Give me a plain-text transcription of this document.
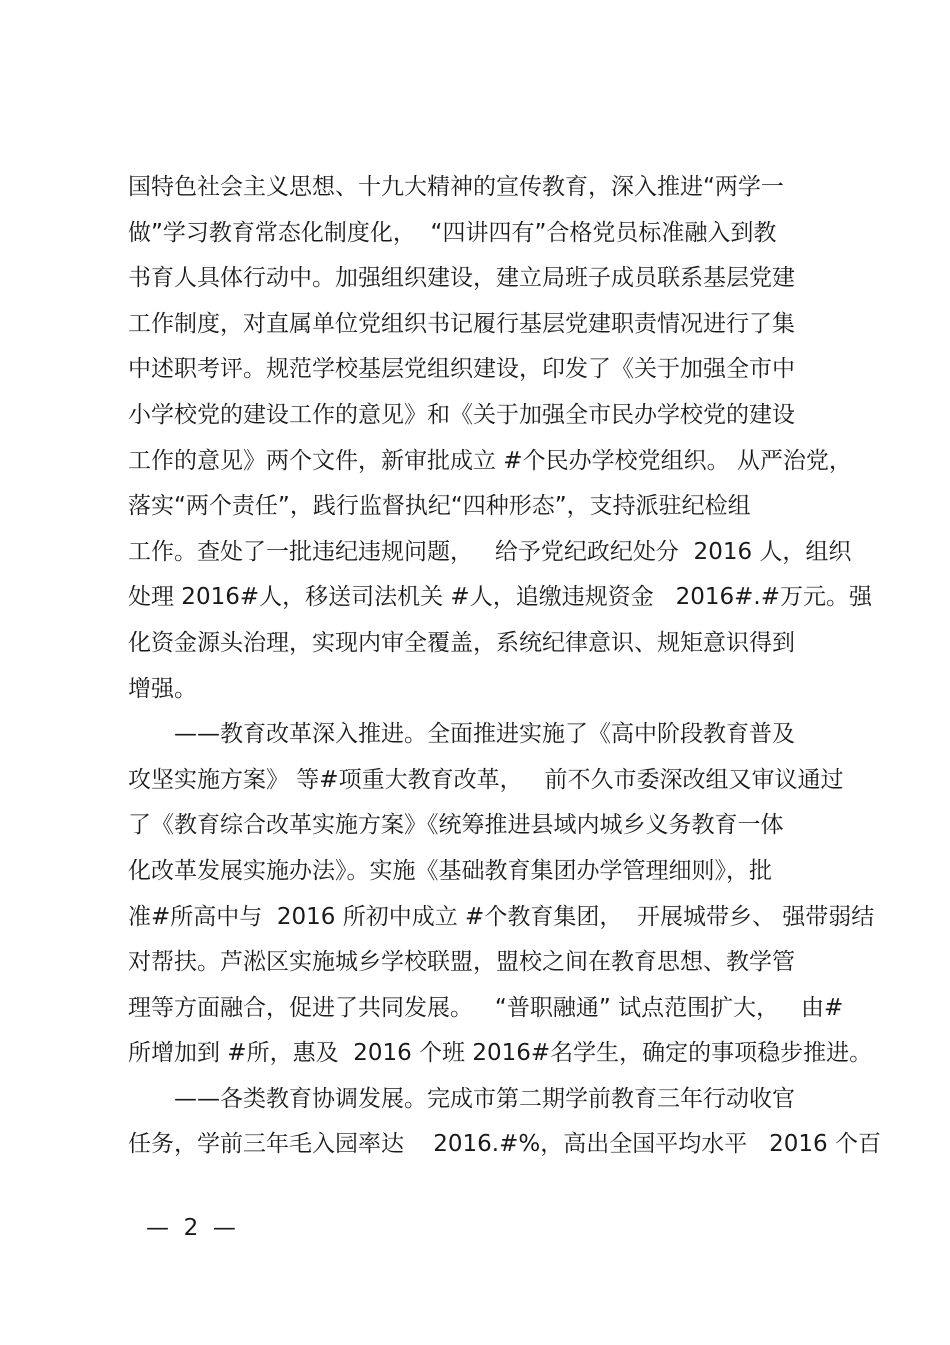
国特色社会主义思想、十九大精神的宣传教育，深入推进“两学一
做”学习教育常态化制度化，  “四讲四有”合格党员标准融入到教
书育人具体行动中。加强组织建设，建立局班子成员联系基层党建
工作制度，对直属单位党组织书记履行基层党建职责情况进行了集
中述职考评。规范学校基层党组织建设，印发了《关于加强全市中
小学校党的建设工作的意见》和《关于加强全市民办学校党的建设
工作的意见》两个文件，新审批成立 #个民办学校党组织。 从严治党，
落实“两个责任”，践行监督执纪“四种形态”，支持派驻纪检组
工作。查处了一批违纪违规问题，   给予党纪政纪处分  2016 人，组织
处理 2016#人，移送司法机关 #人，追缴违规资金   2016#.#万元。强
化资金源头治理，实现内审全覆盖，系统纪律意识、规矩意识得到
增强。
——教育改革深入推进。全面推进实施了《高中阶段教育普及
攻坚实施方案》 等#项重大教育改革，   前不久市委深改组又审议通过
了《教育综合改革实施方案》《统筹推进县域内城乡义务教育一体
化改革发展实施办法》。实施《基础教育集团办学管理细则》，批
准#所高中与  2016 所初中成立 #个教育集团，  开展城带乡、 强带弱结
对帮扶。芦淞区实施城乡学校联盟，盟校之间在教育思想、教学管
理等方面融合，促进了共同发展。   “普职融通” 试点范围扩大，   由#
所增加到 #所，惠及  2016 个班 2016#名学生，确定的事项稳步推进。
——各类教育协调发展。完成市第二期学前教育三年行动收官
任务，学前三年毛入园率达    2016.#%，高出全国平均水平   2016 个百
—  2  —
